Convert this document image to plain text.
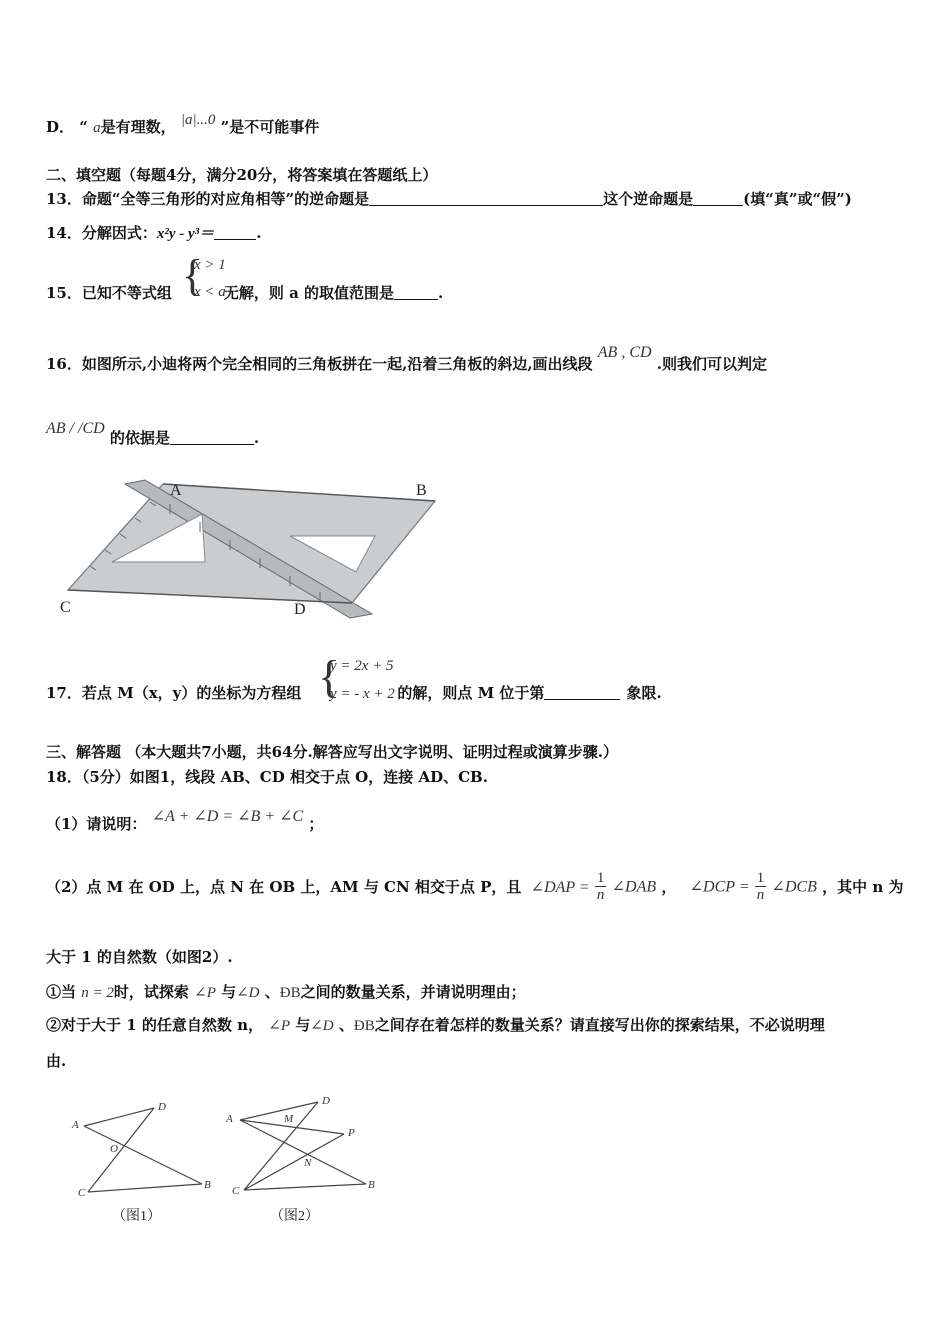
D． “ a是有理数， |a|...0 ”是不可能事件
二、填空题（每题4分，满分20分，将答案填在答题纸上）
13．命题“全等三角形的对应角相等”的逆命题是	这个逆命题是	(填“真”或“假”)
14．分解因式：x²y - y³＝	.
15．已知不等式组	无解，则 a 的取值范围是	.
{
x > 1
x < a
16．如图所示,小迪将两个完全相同的三角板拼在一起,沿着三角板的斜边,画出线段 AB , CD .则我们可以判定
AB / /CD 的依据是	.
A	B
C	D
17．若点 M（x，y）的坐标为方程组	的解，则点 M 位于第	象限.
{
y = 2x + 5
y = - x + 2
三、解答题 （本大题共7小题，共64分.解答应写出文字说明、证明过程或演算步骤.）
18．（5分）如图1，线段 AB、CD 相交于点 O，连接 AD、CB.
（1）请说明： ∠A + ∠D = ∠B + ∠C ；
（2）点 M 在 OD 上，点 N 在 OB 上，AM 与 CN 相交于点 P，且 ∠DAP = $\frac{1}{n}$ ∠DAB ， ∠DCP = $\frac{1}{n}$ ∠DCB ，其中 n 为
大于 1 的自然数（如图2）.
①当 n = 2时，试探索 ∠P 与∠D 、ÐB之间的数量关系，并请说明理由；
②对于大于 1 的任意自然数 n， ∠P 与∠D 、ÐB之间存在着怎样的数量关系？请直接写出你的探索结果，不必说明理
由.
A
D
O
C
B
（图1）
A
D
M
P
N
C	B
（图2）
